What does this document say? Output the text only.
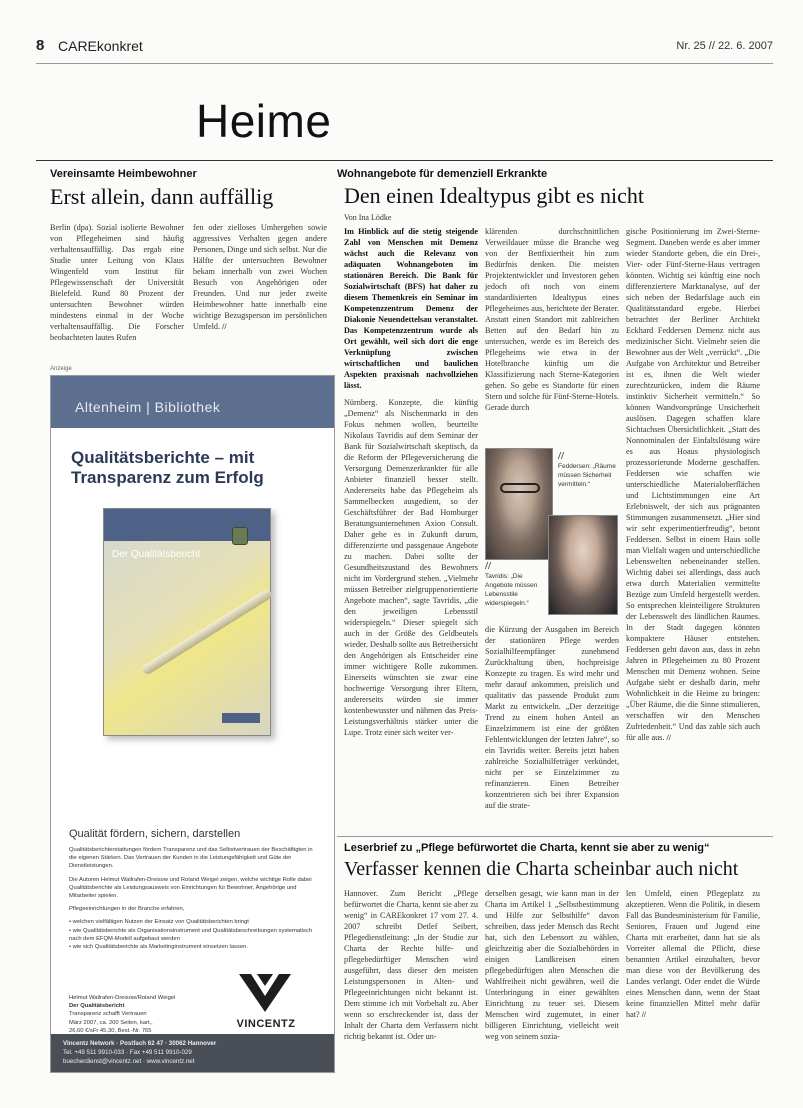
8 CAREkonkret	Nr. 25 // 22. 6. 2007
Heime
Vereinsamte Heimbewohner
Erst allein, dann auffällig
Berlin (dpa). Sozial isolierte Bewohner von Pflegeheimen sind häufig verhaltensauffällig. Das ergab eine Studie unter Leitung von Klaus Wingenfeld vom Institut für Pflegewissenschaft der Universität Bielefeld. Rund 80 Prozent der untersuchten Bewohner würden mindestens einmal in der Woche verhaltensauffällig. Die Forscher beobachteten lautes Rufen
fen oder zielloses Umhergehen sowie aggressives Verhalten gegen andere Personen, Dinge und sich selbst. Nur die Hälfte der untersuchten Bewohner bekam innerhalb von zwei Wochen Besuch von Angehörigen oder Freunden. Und nur jeder zweite Heimbewohner hatte innerhalb eine wichtige Bezugsperson im persönlichen Umfeld. //
Anzeige
Altenheim | Bibliothek
Qualitätsberichte – mit Transparenz zum Erfolg
Der Qualitätsbericht
Qualität fördern, sichern, darstellen

Qualitätsberichterstattungen fördern Transparenz und das Selbstvertrauen der Beschäftigten in die eigenen Stärken. Das Vertrauen der Kunden in die Leistungsfähigkeit und Güte der Dienstleistungen.

Die Autoren Helmut Wallrafen-Dreisow und Roland Weigel zeigen, welche wichtige Rolle dabei Qualitätsberichte als Leistungsausweis von Einrichtungen für Bewohner, Angehörige und Mitarbeiter spielen.

Pflegeeinrichtungen in der Branche erfahren,

• welchen vielfältigen Nutzen der Einsatz von Qualitätsberichten bringt
• wie Qualitätsberichte als Organisationsinstrument und Qualitätsbeschreibungen systematisch nach dem EFQM-Modell aufgebaut werden
• wie sich Qualitätsberichte als Marketinginstrument einsetzen lassen.
Helmut Wallrafen-Dreisow/Roland Weigel
Der Qualitätsbericht
Transparenz schafft Vertrauen
März 2007, ca. 200 Seiten, kart.,
26,60 €/sFr 45,30, Best.-Nr. 765
VINCENTZ
Vincentz Network · Postfach 62 47 · 30062 Hannover
Tel. +49 511 9910-033 · Fax +49 511 9910-029
buecherdienst@vincentz.net · www.vincentz.net
Wohnangebote für demenziell Erkrankte
Den einen Idealtypus gibt es nicht
Von Ina Lödke

Im Hinblick auf die stetig steigende Zahl von Menschen mit Demenz wächst auch die Relevanz von adäquaten Wohnangeboten im stationären Bereich. Die Bank für Sozialwirtschaft (BFS) hat daher zu diesem Themenkreis ein Seminar im Kompetenzzentrum Demenz der Diakonie Neuendettelsau veranstaltet. Das Kompetenzzentrum wurde als Ort gewählt, weil sich dort die enge Verknüpfung zwischen wirtschaftlichen und baulichen Aspekten praxisnah nachvollziehen lässt.

Nürnberg. Konzepte, die künftig „Demenz“ als Nischenmarkt in den Fokus nehmen wollen, beurteilte Nikolaus Tavridis auf dem Seminar der Bank für Sozialwirtschaft skeptisch, da die Reform der Pflegeversicherung die Versorgung Demenzerkrankter für alle Anbieter finanziell besser stellt. Andererseits habe das Pflegeheim als Sammelbecken ausgedient, so der Geschäftsführer der Bad Homburger Beratungsunternehmen Axion Consult. Daher gehe es in Zukunft darum, differenzierte und passgenaue Angebote zu machen. Dabei sollte der Gesundheitszustand des Bewohners nicht im Vordergrund stehen. „Vielmehr müssen Betreiber zielgruppenorientierte Angebote machen“, sagte Tavridis, „die den jeweiligen Lebensstil widerspiegeln.“ Dieser spiegelt sich auch in der Größe des Geldbeutels wieder. Deshalb sollte aus Betreibersicht den Angehörigen als Entscheider eine immer wichtigere Rolle zukommen. Einerseits wünschten sie zwar eine hochwertige Versorgung ihrer Eltern, andererseits würden sie immer kostenbewusster und nähmen das Preis-Leistungsverhältnis stärker unter die Lupe. Trotz einer sich weiter ver-

klärenden durchschnittlichen Verweildauer müsse die Branche weg von der Bettfixiertheit hin zum Bedürfnis denken. Die meisten Projektentwickler und Investoren gehen jedoch oft noch von einem standardisierten Idealtypus eines Pflegeheimes aus, berichtete der Berater. Anstatt einen Standort mit zahlreichen Betten auf den Bedarf hin zu untersuchen, werde es im Bereich des Pflegeheims wie etwa in der Hotelbranche künftig um die Klassifizierung nach Sterne-Kategorien gehen. So gebe es Standorte für einen Stern und solche für Fünf-Sterne-Hotels. Gerade durch
//
Feddersen: „Räume müssen Sicherheit vermitteln.“
//
Tavridis: „Die Angebote müssen Lebensstile widerspiegeln.“
die Kürzung der Ausgaben im Bereich der stationären Pflege werden Sozialhilfeempfänger zunehmend Zurückhaltung üben, hochpreisige Konzepte zu tragen. Es wird mehr und mehr darauf ankommen, preislich und qualitativ das passende Produkt zum Markt zu entwickeln. „Der derzeitige Trend zu einem hohen Anteil an Einzelzimmern ist eine der größten Fehlentwicklungen der letzten Jahre“, so ein Tavridis weiter. Bereits jetzt haben zahlreiche Sozialhilfeträger verkündet, nicht per se Einzelzimmer zu refinanzieren. Einen Betreiber konzentrieren sich bei ihrer Expansion auf die strate-
gische Positionierung im Zwei-Sterne-Segment. Daneben werde es aber immer wieder Standorte geben, die ein Drei-, Vier- oder Fünf-Sterne-Haus vertragen könnten. Wichtig sei künftig eine noch differenziertere Marktanalyse, auf der sich neben der Bedarfslage auch ein Qualitätsstandard ergebe. Hierbei betrachtet der Berliner Architekt Eckhard Feddersen Demenz nicht aus medizinischer Sicht. Vielmehr seien die Bewohner aus der Welt „verrückt“. „Die Aufgabe von Architektur und Betreiber ist es, ihnen die Welt wieder zurechtzurücken, indem die Räume instinktiv Sicherheit vermitteln.“ So können Wandvorsprünge Unsicherheit auslösen. Dagegen schaffen klare Sichtachsen Übersichtlichkeit. „Statt des Nonnominalen der Einfaltslösung wäre es aus Hoaus physiologisch prozessorierunde Moderne geschaffen. Feddersen wie schaffen wie unterschiedliche Materialoberflächen und Lichtstimmungen eine Art Erlebniswelt, der sich aus prägnanten Stimmungen zusammensetzt. „Hier sind wir sehr experimentierfreudig“, betont Feddersen. Selbst in einem Haus solle man Vielfalt wagen und unterschiedliche Lebenswelten nebeneinander stellen. Wichtig dabei sei allerdings, dass auch etwa durch Materialien vermittelte Bezüge zum Umfeld hergestellt werden. So entsprechen kleinteiligere Strukturen der Lebenswelt des ländlichen Raumes. In der Stadt dagegen könnten kompaktere Häuser entstehen. Feddersen geht davon aus, dass in zehn Jahren in Pflegeheimen zu 80 Prozent Menschen mit Demenz wohnen. Seine Aufgabe sieht er deshalb darin, mehr Wohnlichkeit in die Heime zu bringen: „Über Räume, die die Sinne stimulieren, verschaffen wir den Menschen Zufriedenheit.“ Und das zahle sich auch für alle aus. //
Leserbrief zu „Pflege befürwortet die Charta, kennt sie aber zu wenig“
Verfasser kennen die Charta scheinbar auch nicht
Hannover. Zum Bericht „Pflege befürwortet die Charta, kennt sie aber zu wenig“ in CAREkonkret 17 vom 27. 4. 2007 schreibt Detlef Seibert, Pflegedienstleitung: „In der Studie zur Charta der Rechte hilfe- und pflegebedürftiger Menschen wird ausgeführt, dass dieser den meisten Leistungspersonen in Alten- und Pflegeeinrichtungen nicht bekannt ist. Dem stimme ich mit Vorbehalt zu. Aber wenn so erschreckender ist, dass der Inhalt der Charta dem Verfassern nicht richtig bekannt ist. Oder un-
derselben gesagt, wie kann man in der Charta im Artikel 1 „Selbstbestimmung und Hilfe zur Selbsthilfe“ davon schreiben, dass jeder Mensch das Recht hat, sich den Lebensort zu wählen, gleichzeitig aber die Sozialbehörden in einigen Landkreisen einen pflegebedürftigen alten Menschen die Wahlfreiheit nicht gewähren, weil die Unterbringung in einer gewählten Einrichtung zu teuer sei. Diesem Menschen wird zugemutet, in einer billigeren Einrichtung, vielleicht weit weg von seinem sozia-
len Umfeld, einen Pflegeplatz zu akzeptieren. Wenn die Politik, in diesem Fall das Bundesministerium für Familie, Senioren, Frauen und Jugend eine Charta mit erarbeitet, dann hat sie als Vorreiter allemal die Pflicht, diese benannten Artikel einzuhalten, bevor man diese von der Bevölkerung des Landes verlangt. Oder endet die Würde eines Menschen dann, wenn der Staat keine finanziellen Mittel mehr dafür hat? //
